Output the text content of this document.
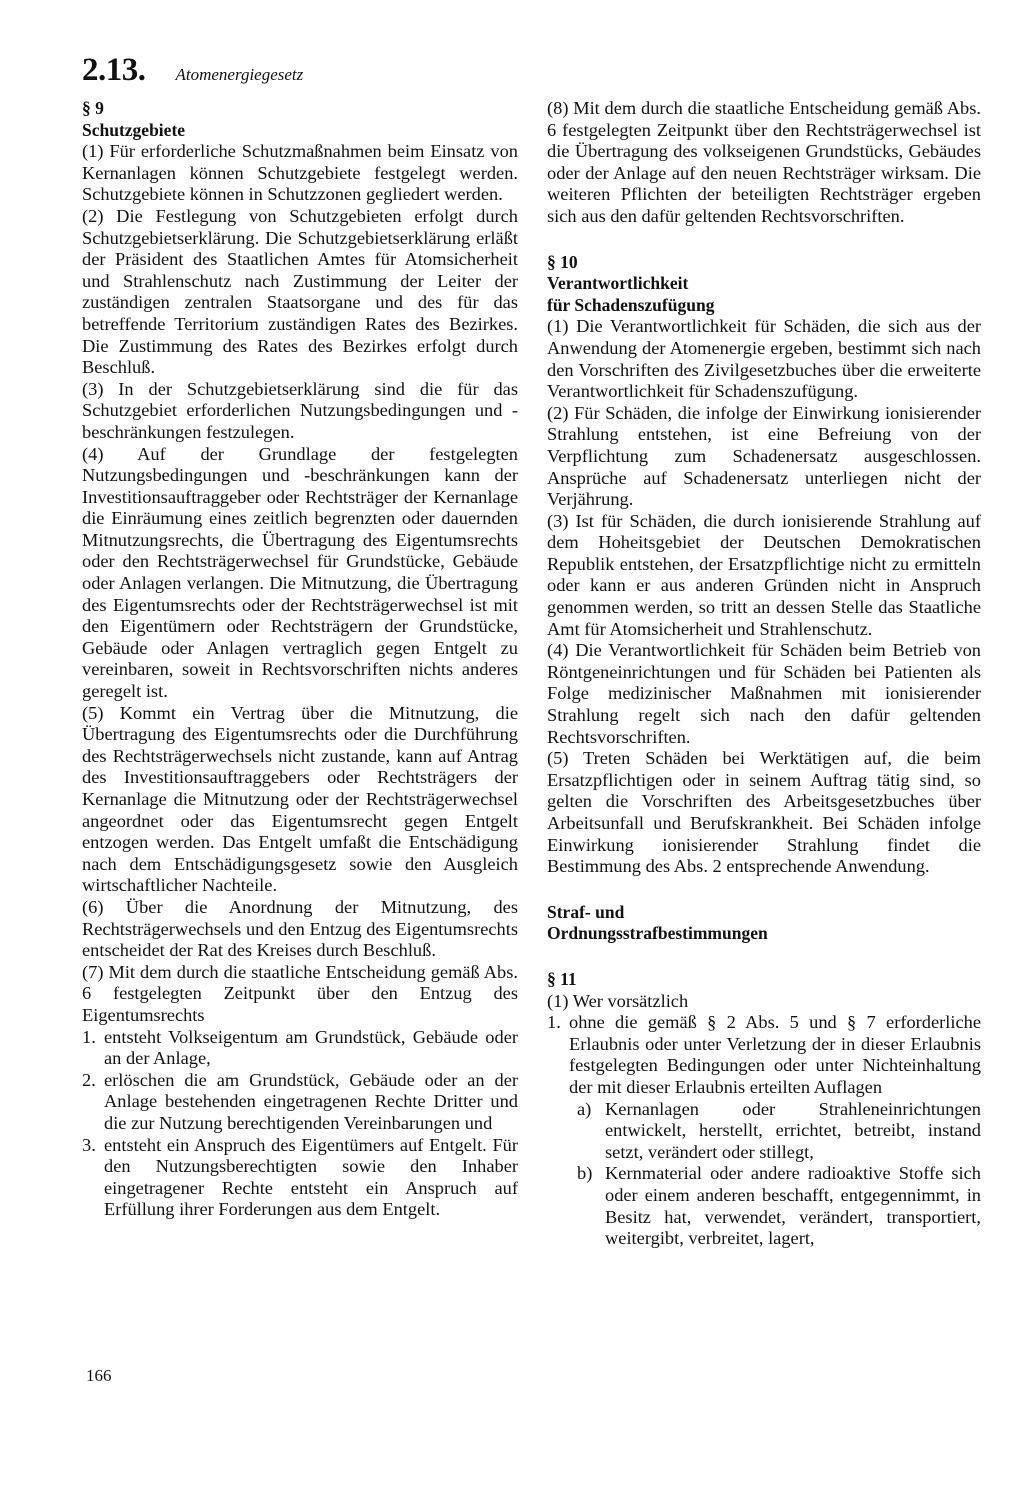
2.13. Atomenergiegesetz

§ 9

Schutzgebiete

(1) Für erforderliche Schutzmaßnahmen beim Einsatz von Kernanlagen können Schutzgebiete festgelegt werden. Schutzgebiete können in Schutzzonen gegliedert werden.

(2) Die Festlegung von Schutzgebieten erfolgt durch Schutzgebietserklärung. Die Schutzgebietserklärung erläßt der Präsident des Staatlichen Amtes für Atomsicherheit und Strahlenschutz nach Zustimmung der Leiter der zuständigen zentralen Staatsorgane und des für das betreffende Territorium zuständigen Rates des Bezirkes. Die Zustimmung des Rates des Bezirkes erfolgt durch Beschluß.

(3) In der Schutzgebietserklärung sind die für das Schutzgebiet erforderlichen Nutzungsbedingungen und -beschränkungen festzulegen.

(4) Auf der Grundlage der festgelegten Nutzungsbedingungen und -beschränkungen kann der Investitionsauftraggeber oder Rechtsträger der Kernanlage die Einräumung eines zeitlich begrenzten oder dauernden Mitnutzungsrechts, die Übertragung des Eigentumsrechts oder den Rechtsträgerwechsel für Grundstücke, Gebäude oder Anlagen verlangen. Die Mitnutzung, die Übertragung des Eigentumsrechts oder der Rechtsträgerwechsel ist mit den Eigentümern oder Rechtsträgern der Grundstücke, Gebäude oder Anlagen vertraglich gegen Entgelt zu vereinbaren, soweit in Rechtsvorschriften nichts anderes geregelt ist.

(5) Kommt ein Vertrag über die Mitnutzung, die Übertragung des Eigentumsrechts oder die Durchführung des Rechtsträgerwechsels nicht zustande, kann auf Antrag des Investitionsauftraggebers oder Rechtsträgers der Kernanlage die Mitnutzung oder der Rechtsträgerwechsel angeordnet oder das Eigentumsrecht gegen Entgelt entzogen werden. Das Entgelt umfaßt die Entschädigung nach dem Entschädigungsgesetz sowie den Ausgleich wirtschaftlicher Nachteile.

(6) Über die Anordnung der Mitnutzung, des Rechtsträgerwechsels und den Entzug des Eigentumsrechts entscheidet der Rat des Kreises durch Beschluß.

(7) Mit dem durch die staatliche Entscheidung gemäß Abs. 6 festgelegten Zeitpunkt über den Entzug des Eigentumsrechts

1. entsteht Volkseigentum am Grundstück, Gebäude oder an der Anlage,
2. erlöschen die am Grundstück, Gebäude oder an der Anlage bestehenden eingetragenen Rechte Dritter und die zur Nutzung berechtigenden Vereinbarungen und
3. entsteht ein Anspruch des Eigentümers auf Entgelt. Für den Nutzungsberechtigten sowie den Inhaber eingetragener Rechte entsteht ein Anspruch auf Erfüllung ihrer Forderungen aus dem Entgelt.

(8) Mit dem durch die staatliche Entscheidung gemäß Abs. 6 festgelegten Zeitpunkt über den Rechtsträgerwechsel ist die Übertragung des volkseigenen Grundstücks, Gebäudes oder der Anlage auf den neuen Rechtsträger wirksam. Die weiteren Pflichten der beteiligten Rechtsträger ergeben sich aus den dafür geltenden Rechtsvorschriften.

§ 10

Verantwortlichkeit

für Schadenszufügung

(1) Die Verantwortlichkeit für Schäden, die sich aus der Anwendung der Atomenergie ergeben, bestimmt sich nach den Vorschriften des Zivilgesetzbuches über die erweiterte Verantwortlichkeit für Schadenszufügung.

(2) Für Schäden, die infolge der Einwirkung ionisierender Strahlung entstehen, ist eine Befreiung von der Verpflichtung zum Schadenersatz ausgeschlossen. Ansprüche auf Schadenersatz unterliegen nicht der Verjährung.

(3) Ist für Schäden, die durch ionisierende Strahlung auf dem Hoheitsgebiet der Deutschen Demokratischen Republik entstehen, der Ersatzpflichtige nicht zu ermitteln oder kann er aus anderen Gründen nicht in Anspruch genommen werden, so tritt an dessen Stelle das Staatliche Amt für Atomsicherheit und Strahlenschutz.

(4) Die Verantwortlichkeit für Schäden beim Betrieb von Röntgeneinrichtungen und für Schäden bei Patienten als Folge medizinischer Maßnahmen mit ionisierender Strahlung regelt sich nach den dafür geltenden Rechtsvorschriften.

(5) Treten Schäden bei Werktätigen auf, die beim Ersatzpflichtigen oder in seinem Auftrag tätig sind, so gelten die Vorschriften des Arbeitsgesetzbuches über Arbeitsunfall und Berufskrankheit. Bei Schäden infolge Einwirkung ionisierender Strahlung findet die Bestimmung des Abs. 2 entsprechende Anwendung.

Straf- und

Ordnungsstrafbestimmungen

§ 11

(1) Wer vorsätzlich

1. ohne die gemäß § 2 Abs. 5 und § 7 erforderliche Erlaubnis oder unter Verletzung der in dieser Erlaubnis festgelegten Bedingungen oder unter Nichteinhaltung der mit dieser Erlaubnis erteilten Auflagen
a) Kernanlagen oder Strahleneinrichtungen entwickelt, herstellt, errichtet, betreibt, instand setzt, verändert oder stillegt,
b) Kernmaterial oder andere radioaktive Stoffe sich oder einem anderen beschafft, entgegennimmt, in Besitz hat, verwendet, verändert, transportiert, weitergibt, verbreitet, lagert,
166
